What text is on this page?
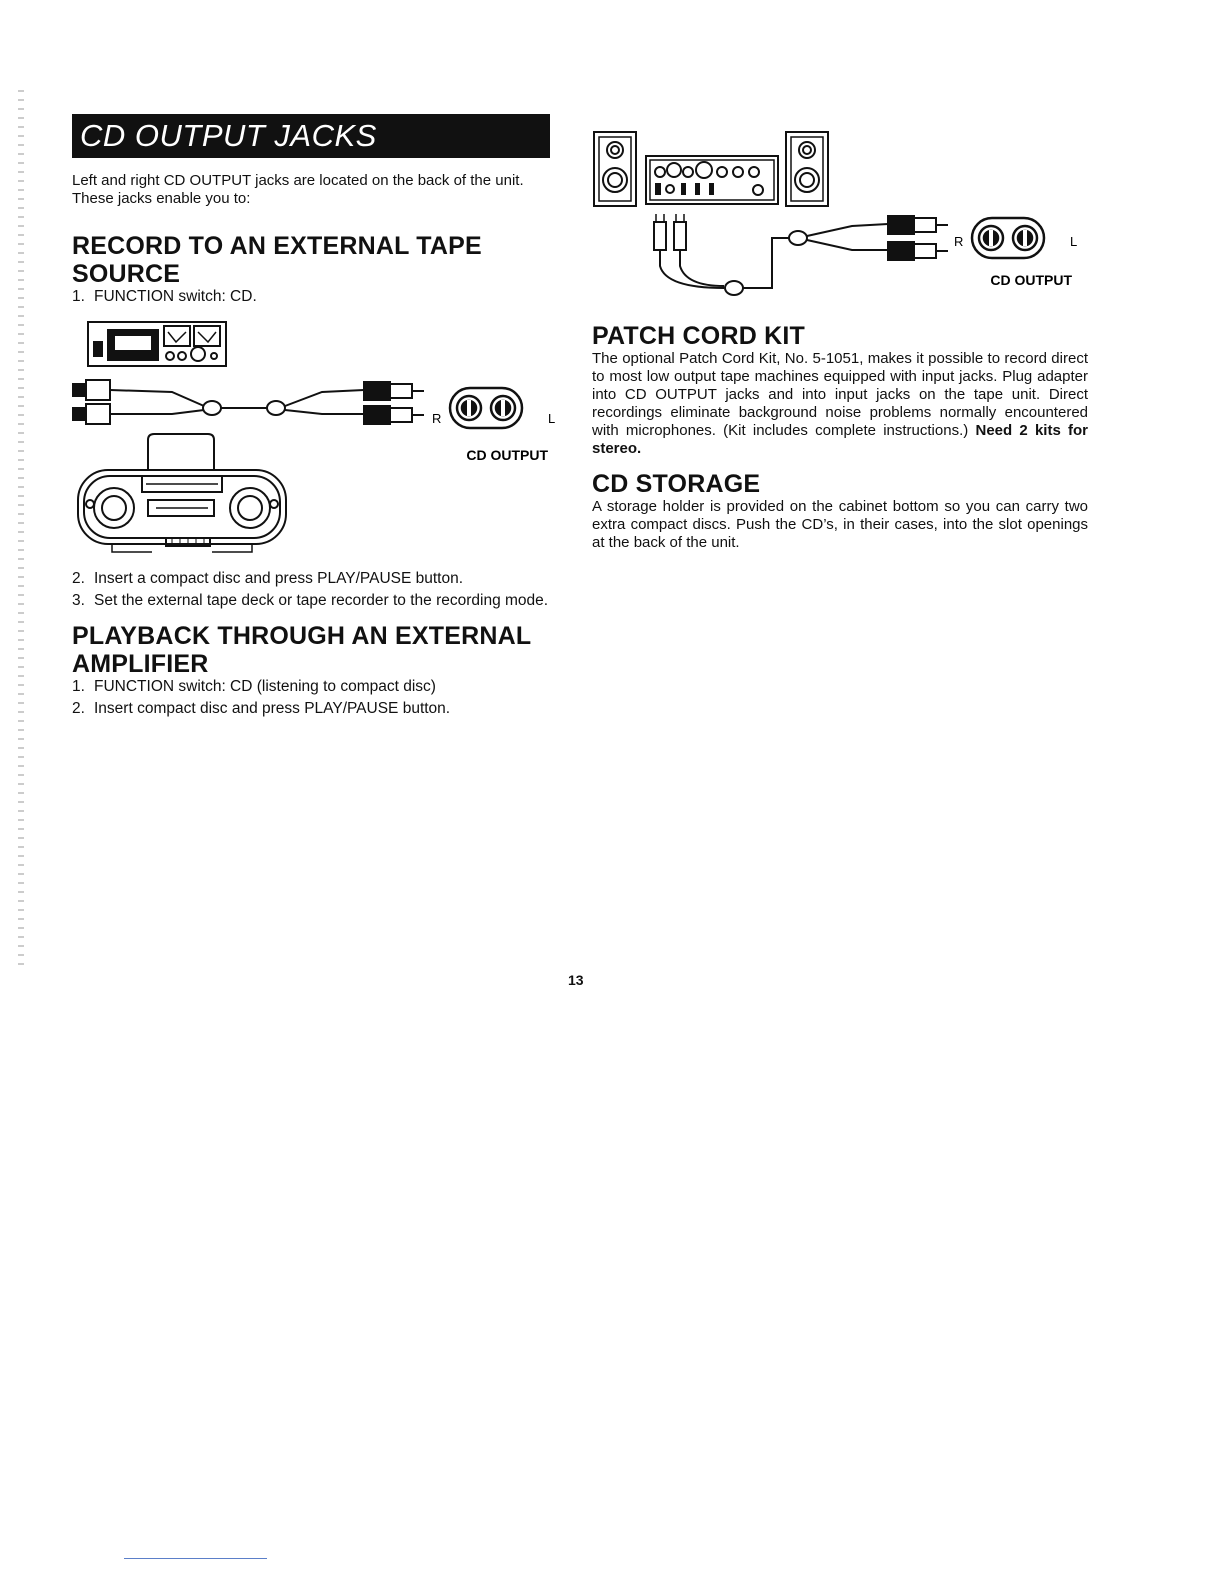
CD OUTPUT JACKS
Left and right CD OUTPUT jacks are located on the back of the unit. These jacks enable you to:
RECORD TO AN EXTERNAL TAPE SOURCE
1. FUNCTION switch: CD.
R	L
CD OUTPUT
2. Insert a compact disc and press PLAY/PAUSE button.
3. Set the external tape deck or tape recorder to the recording mode.
PLAYBACK THROUGH AN EXTERNAL AMPLIFIER
1. FUNCTION switch: CD (listening to compact disc)
2. Insert compact disc and press PLAY/PAUSE button.
R	L
CD OUTPUT
PATCH CORD KIT
The optional Patch Cord Kit, No. 5-1051, makes it possible to record direct to most low output tape machines equipped with input jacks. Plug adapter into CD OUTPUT jacks and into input jacks on the tape unit. Direct recordings eliminate background noise problems normally encountered with microphones. (Kit includes complete instructions.) Need 2 kits for stereo.
CD STORAGE
A storage holder is provided on the cabinet bottom so you can carry two extra compact discs. Push the CD’s, in their cases, into the slot openings at the back of the unit.
13
